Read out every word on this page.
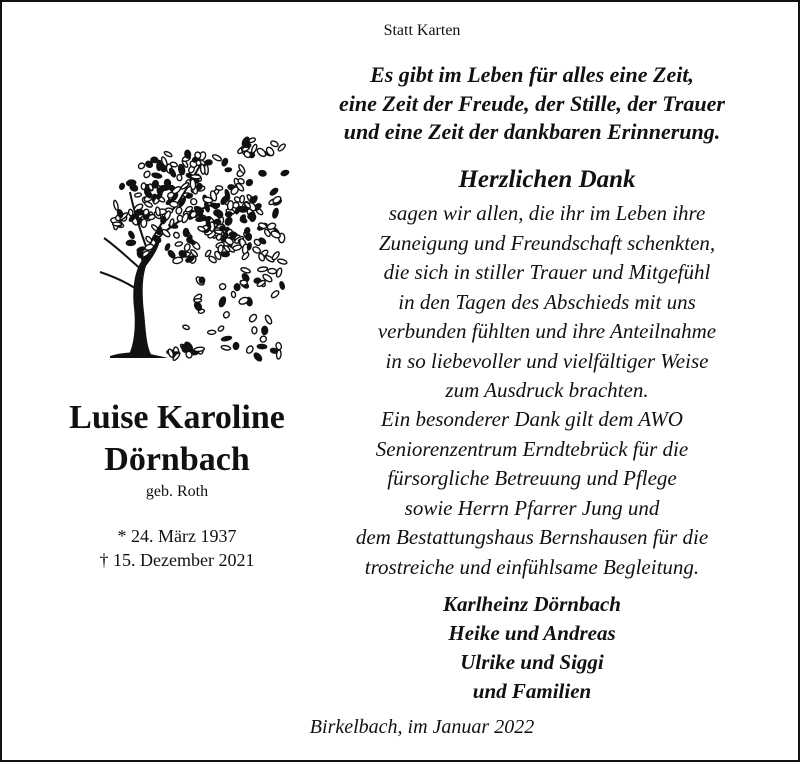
Statt Karten
Es gibt im Leben für alles eine Zeit,
eine Zeit der Freude, der Stille, der Trauer
und eine Zeit der dankbaren Erinnerung.
Luise Karoline
Dörnbach
geb. Roth
* 24. März 1937
† 15. Dezember 2021
Herzlichen Dank
sagen wir allen, die ihr im Leben ihre
Zuneigung und Freundschaft schenkten,
die sich in stiller Trauer und Mitgefühl
in den Tagen des Abschieds mit uns
verbunden fühlten und ihre Anteilnahme
in so liebevoller und vielfältiger Weise
zum Ausdruck brachten.
Ein besonderer Dank gilt dem AWO
Seniorenzentrum Erndtebrück für die
fürsorgliche Betreuung und Pflege
sowie Herrn Pfarrer Jung und
dem Bestattungshaus Bernshausen für die
trostreiche und einfühlsame Begleitung.
Karlheinz Dörnbach
Heike und Andreas
Ulrike und Siggi
und Familien
Birkelbach, im Januar 2022
